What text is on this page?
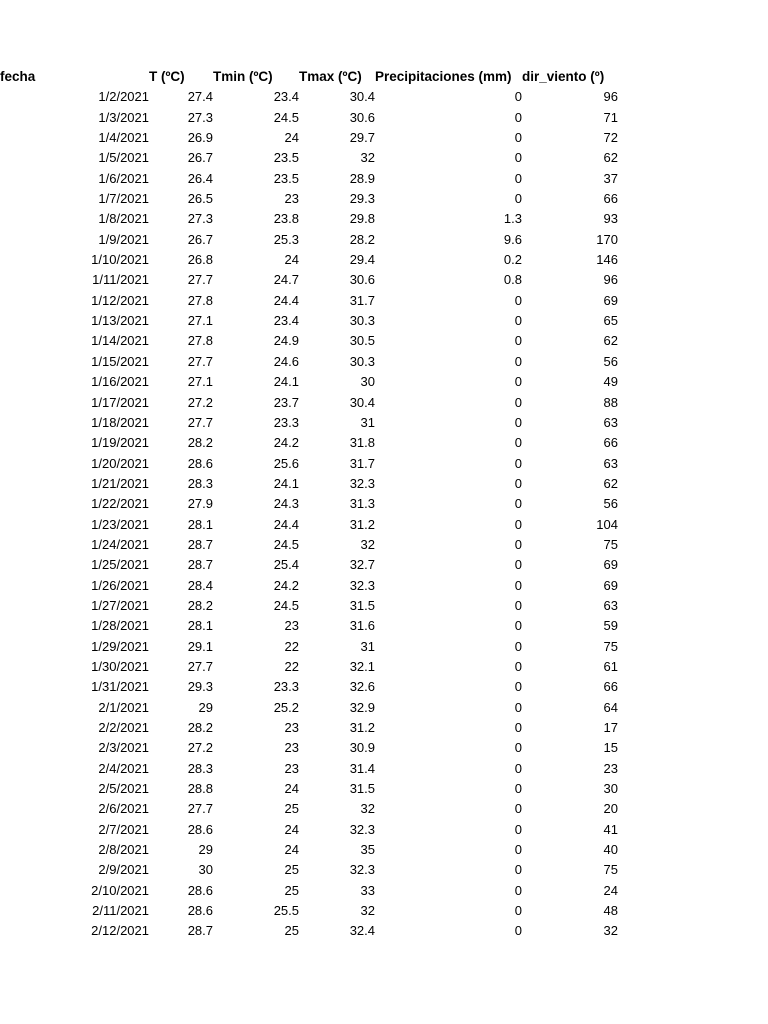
fecha	T (ºC)	Tmin (ºC)	Tmax (ºC)	Precipitaciones (mm)	dir_viento (º)
1/2/2021	27.4	23.4	30.4	0	96
1/3/2021	27.3	24.5	30.6	0	71
1/4/2021	26.9	24	29.7	0	72
1/5/2021	26.7	23.5	32	0	62
1/6/2021	26.4	23.5	28.9	0	37
1/7/2021	26.5	23	29.3	0	66
1/8/2021	27.3	23.8	29.8	1.3	93
1/9/2021	26.7	25.3	28.2	9.6	170
1/10/2021	26.8	24	29.4	0.2	146
1/11/2021	27.7	24.7	30.6	0.8	96
1/12/2021	27.8	24.4	31.7	0	69
1/13/2021	27.1	23.4	30.3	0	65
1/14/2021	27.8	24.9	30.5	0	62
1/15/2021	27.7	24.6	30.3	0	56
1/16/2021	27.1	24.1	30	0	49
1/17/2021	27.2	23.7	30.4	0	88
1/18/2021	27.7	23.3	31	0	63
1/19/2021	28.2	24.2	31.8	0	66
1/20/2021	28.6	25.6	31.7	0	63
1/21/2021	28.3	24.1	32.3	0	62
1/22/2021	27.9	24.3	31.3	0	56
1/23/2021	28.1	24.4	31.2	0	104
1/24/2021	28.7	24.5	32	0	75
1/25/2021	28.7	25.4	32.7	0	69
1/26/2021	28.4	24.2	32.3	0	69
1/27/2021	28.2	24.5	31.5	0	63
1/28/2021	28.1	23	31.6	0	59
1/29/2021	29.1	22	31	0	75
1/30/2021	27.7	22	32.1	0	61
1/31/2021	29.3	23.3	32.6	0	66
2/1/2021	29	25.2	32.9	0	64
2/2/2021	28.2	23	31.2	0	17
2/3/2021	27.2	23	30.9	0	15
2/4/2021	28.3	23	31.4	0	23
2/5/2021	28.8	24	31.5	0	30
2/6/2021	27.7	25	32	0	20
2/7/2021	28.6	24	32.3	0	41
2/8/2021	29	24	35	0	40
2/9/2021	30	25	32.3	0	75
2/10/2021	28.6	25	33	0	24
2/11/2021	28.6	25.5	32	0	48
2/12/2021	28.7	25	32.4	0	32
